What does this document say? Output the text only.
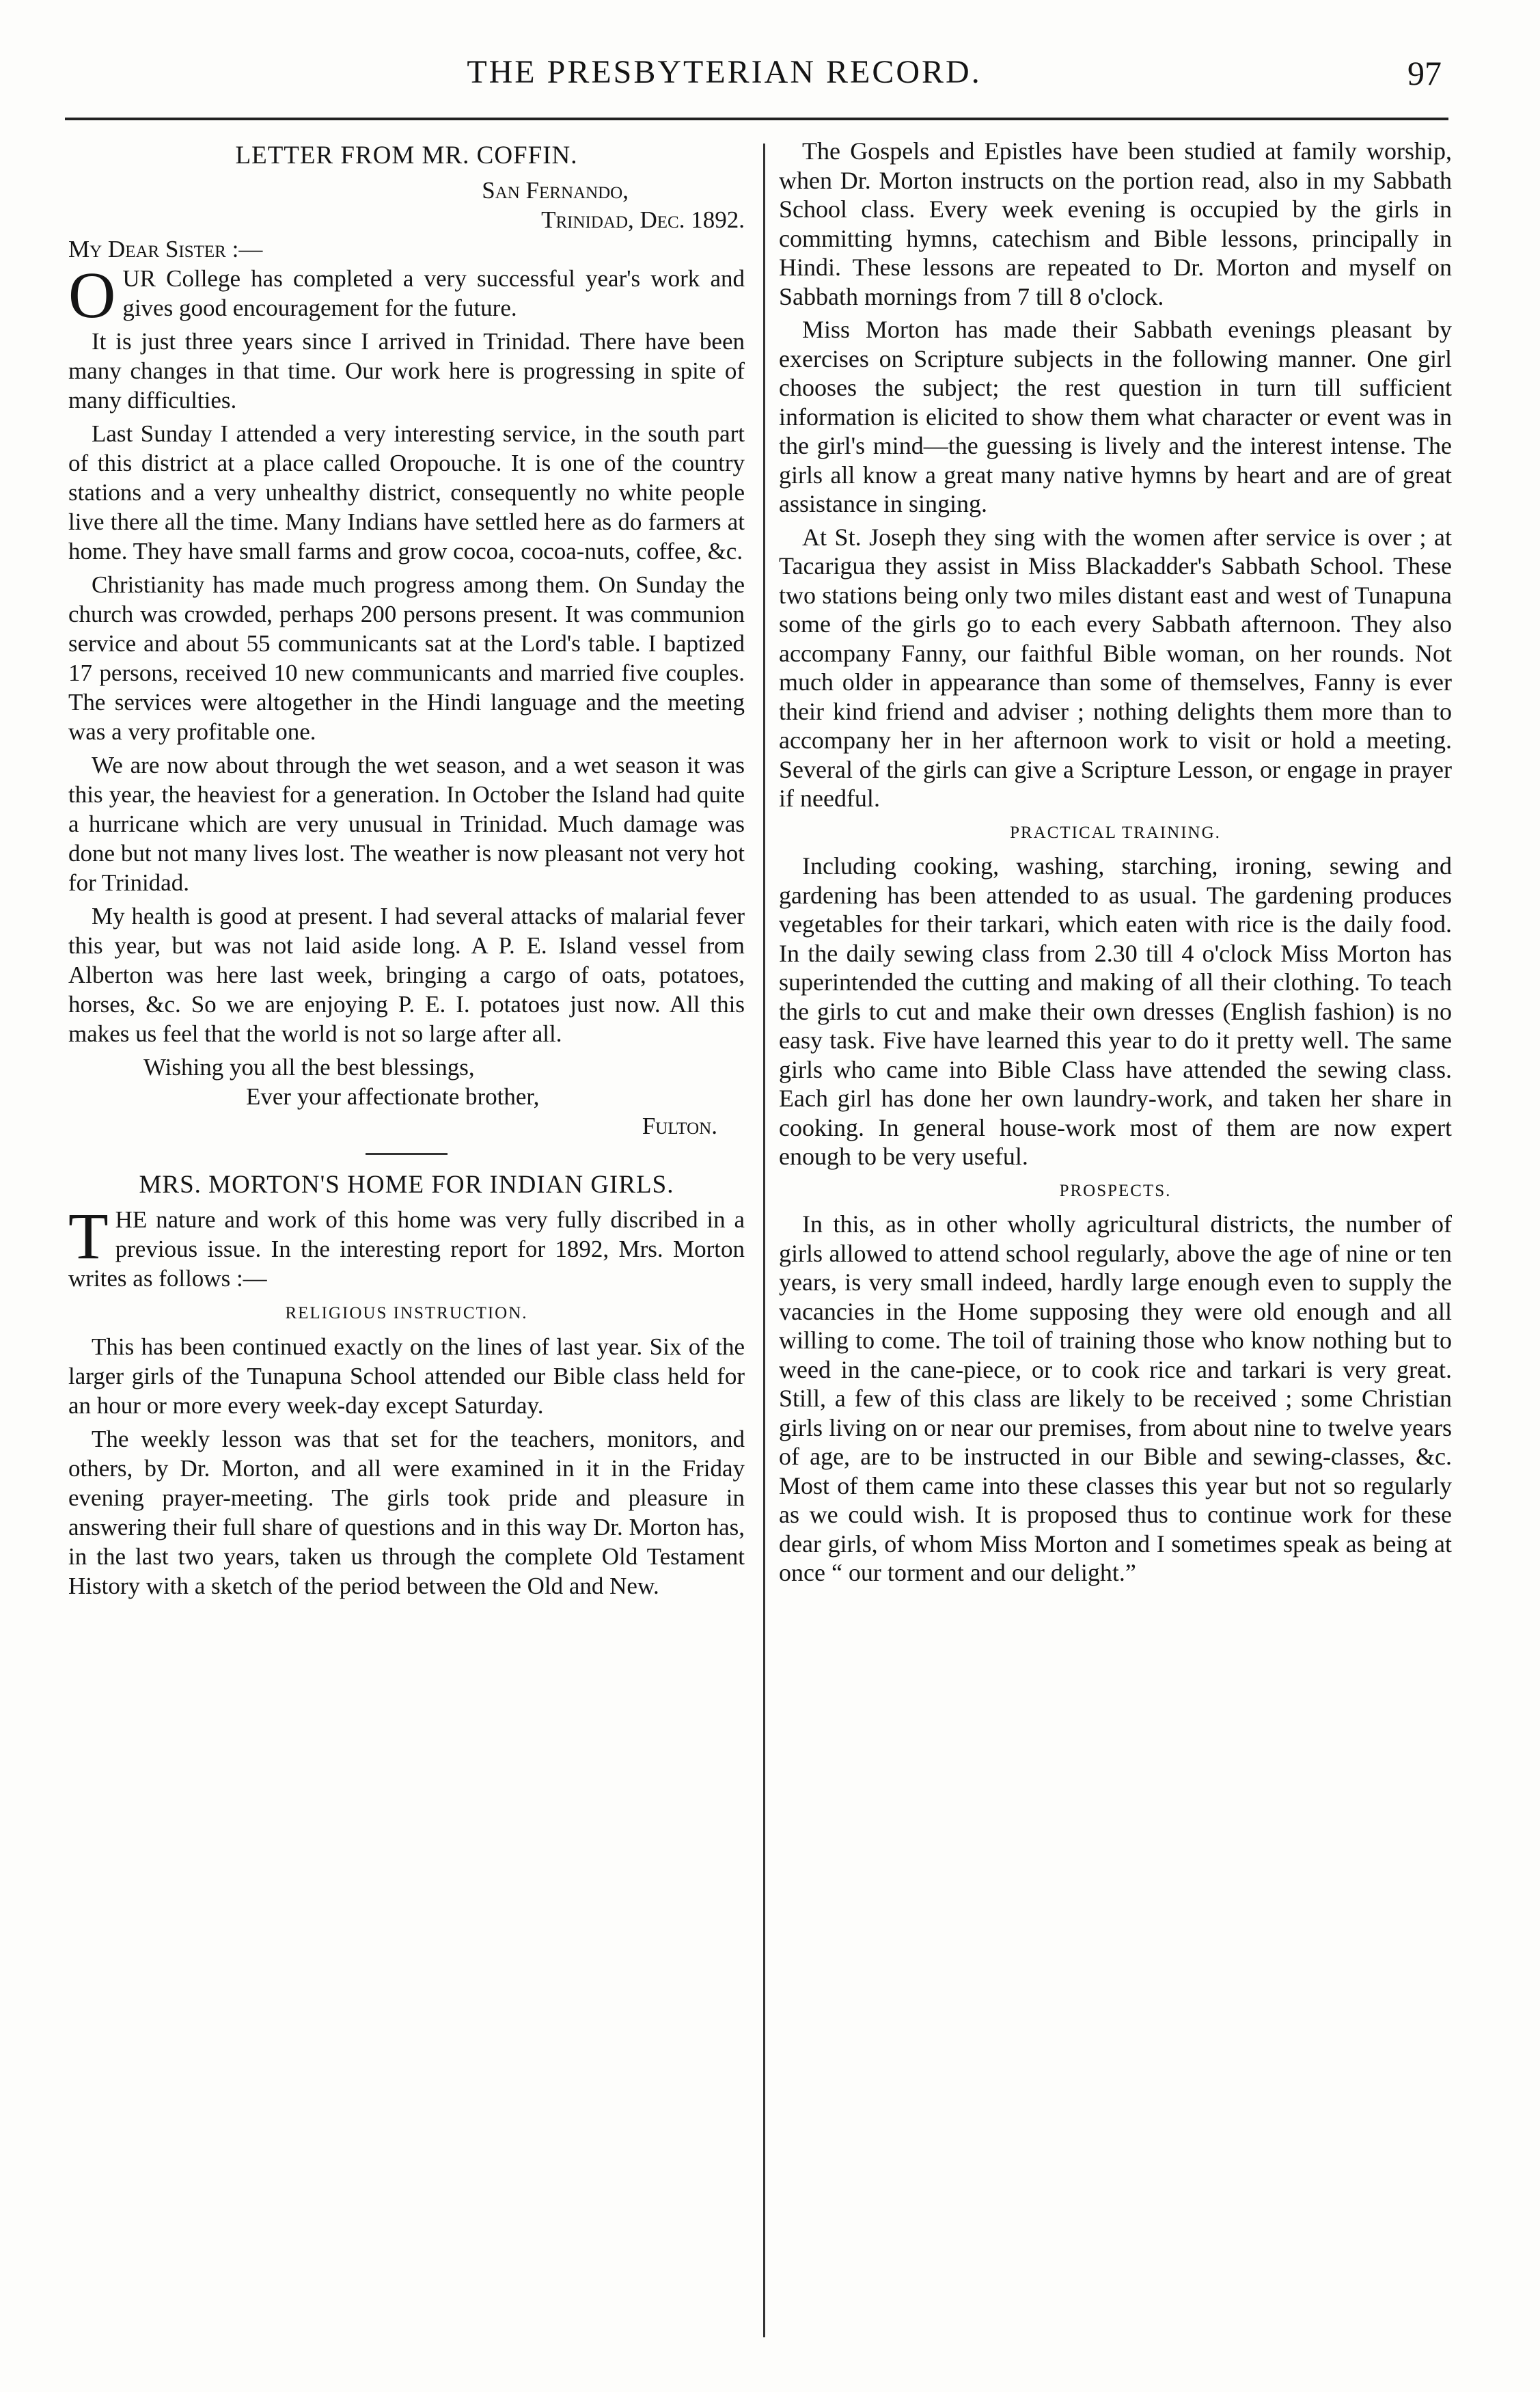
THE PRESBYTERIAN RECORD.	97
LETTER FROM MR. COFFIN.
San Fernando,
Trinidad, Dec. 1892.
My Dear Sister :—

OUR College has completed a very successful year's work and gives good encouragement for the future.

It is just three years since I arrived in Trinidad. There have been many changes in that time. Our work here is progressing in spite of many difficulties.

Last Sunday I attended a very interesting service, in the south part of this district at a place called Oropouche. It is one of the country stations and a very unhealthy district, consequently no white people live there all the time. Many Indians have settled here as do farmers at home. They have small farms and grow cocoa, cocoa-nuts, coffee, &c.

Christianity has made much progress among them. On Sunday the church was crowded, perhaps 200 persons present. It was communion service and about 55 communicants sat at the Lord's table. I baptized 17 persons, received 10 new communicants and married five couples. The services were altogether in the Hindi language and the meeting was a very profitable one.

We are now about through the wet season, and a wet season it was this year, the heaviest for a generation. In October the Island had quite a hurricane which are very unusual in Trinidad. Much damage was done but not many lives lost. The weather is now pleasant not very hot for Trinidad.

My health is good at present. I had several attacks of malarial fever this year, but was not laid aside long. A P. E. Island vessel from Alberton was here last week, bringing a cargo of oats, potatoes, horses, &c. So we are enjoying P. E. I. potatoes just now. All this makes us feel that the world is not so large after all.

Wishing you all the best blessings,
Ever your affectionate brother,
Fulton.
MRS. MORTON'S HOME FOR INDIAN GIRLS.

THE nature and work of this home was very fully discribed in a previous issue. In the interesting report for 1892, Mrs. Morton writes as follows :—

RELIGIOUS INSTRUCTION.

This has been continued exactly on the lines of last year. Six of the larger girls of the Tunapuna School attended our Bible class held for an hour or more every week-day except Saturday.

The weekly lesson was that set for the teachers, monitors, and others, by Dr. Morton, and all were examined in it in the Friday evening prayer-meeting. The girls took pride and pleasure in answering their full share of questions and in this way Dr. Morton has, in the last two years, taken us through the complete Old Testament History with a sketch of the period between the Old and New.

The Gospels and Epistles have been studied at family worship, when Dr. Morton instructs on the portion read, also in my Sabbath School class. Every week evening is occupied by the girls in committing hymns, catechism and Bible lessons, principally in Hindi. These lessons are repeated to Dr. Morton and myself on Sabbath mornings from 7 till 8 o'clock.

Miss Morton has made their Sabbath evenings pleasant by exercises on Scripture subjects in the following manner. One girl chooses the subject; the rest question in turn till sufficient information is elicited to show them what character or event was in the girl's mind—the guessing is lively and the interest intense. The girls all know a great many native hymns by heart and are of great assistance in singing.

At St. Joseph they sing with the women after service is over ; at Tacarigua they assist in Miss Blackadder's Sabbath School. These two stations being only two miles distant east and west of Tunapuna some of the girls go to each every Sabbath afternoon. They also accompany Fanny, our faithful Bible woman, on her rounds. Not much older in appearance than some of themselves, Fanny is ever their kind friend and adviser ; nothing delights them more than to accompany her in her afternoon work to visit or hold a meeting. Several of the girls can give a Scripture Lesson, or engage in prayer if needful.

PRACTICAL TRAINING.

Including cooking, washing, starching, ironing, sewing and gardening has been attended to as usual. The gardening produces vegetables for their tarkari, which eaten with rice is the daily food. In the daily sewing class from 2.30 till 4 o'clock Miss Morton has superintended the cutting and making of all their clothing. To teach the girls to cut and make their own dresses (English fashion) is no easy task. Five have learned this year to do it pretty well. The same girls who came into Bible Class have attended the sewing class. Each girl has done her own laundry-work, and taken her share in cooking. In general house-work most of them are now expert enough to be very useful.

PROSPECTS.

In this, as in other wholly agricultural districts, the number of girls allowed to attend school regularly, above the age of nine or ten years, is very small indeed, hardly large enough even to supply the vacancies in the Home supposing they were old enough and all willing to come. The toil of training those who know nothing but to weed in the cane-piece, or to cook rice and tarkari is very great. Still, a few of this class are likely to be received ; some Christian girls living on or near our premises, from about nine to twelve years of age, are to be instructed in our Bible and sewing-classes, &c. Most of them came into these classes this year but not so regularly as we could wish. It is proposed thus to continue work for these dear girls, of whom Miss Morton and I sometimes speak as being at once “ our torment and our delight.”
